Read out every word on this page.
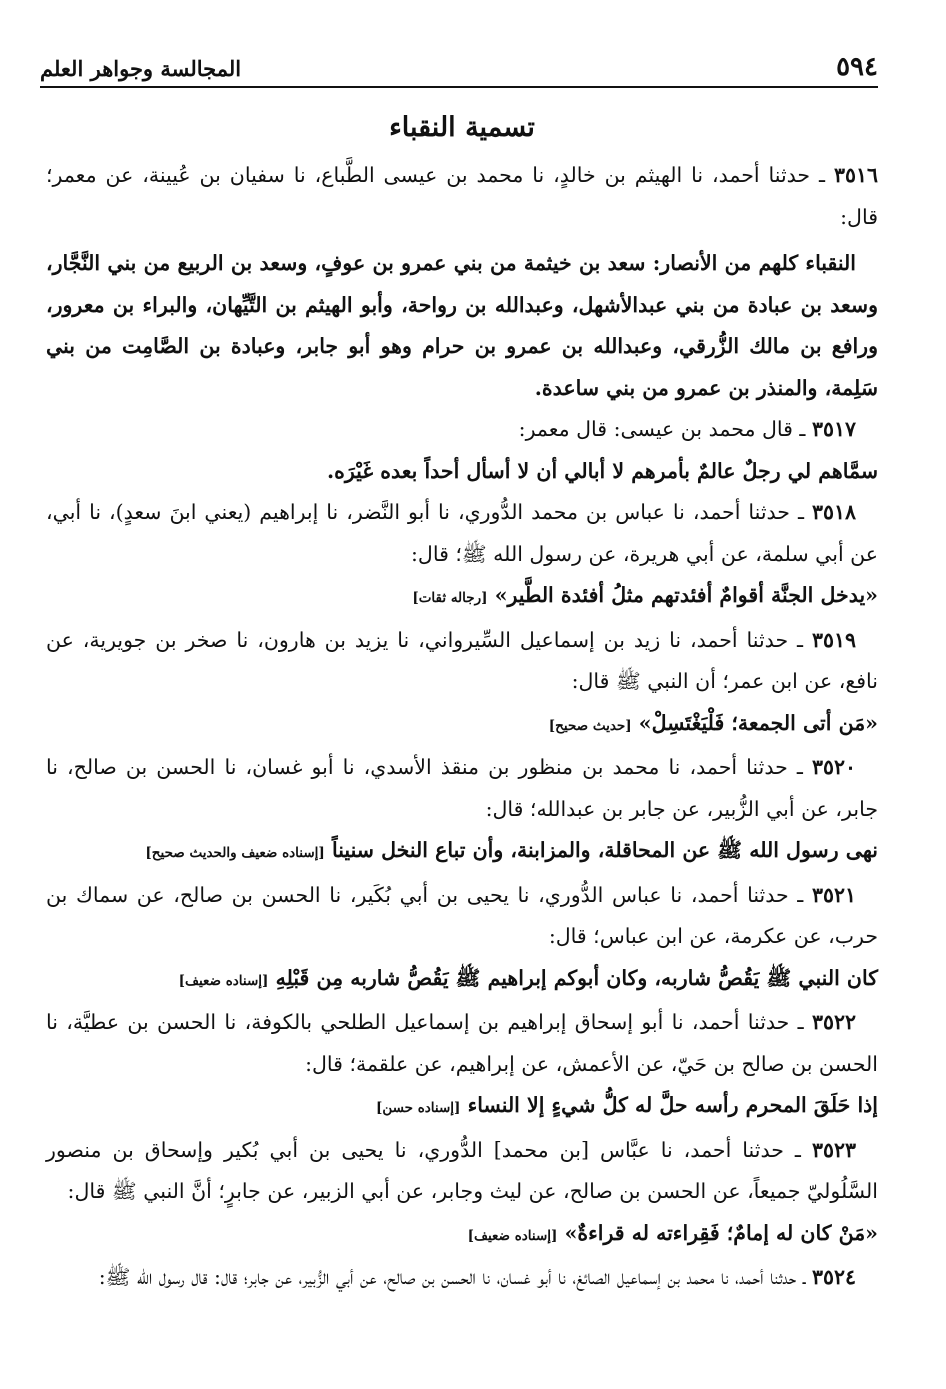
٥٩٤
المجالسة وجواهر العلم
تسمية النقباء

٣٥١٦ ـ حدثنا أحمد، نا الهيثم بن خالدٍ، نا محمد بن عيسى الطَّباع، نا سفيان بن عُيينة، عن معمر؛ قال:

النقباء كلهم من الأنصار: سعد بن خيثمة من بني عمرو بن عوفٍ، وسعد بن الربيع من بني النَّجَّار، وسعد بن عبادة من بني عبدالأشهل، وعبدالله بن رواحة، وأبو الهيثم بن التَّيِّهان، والبراء بن معرور، ورافع بن مالك الزُّرقي، وعبدالله بن عمرو بن حرام وهو أبو جابر، وعبادة بن الصَّامِت من بني سَلِمة، والمنذر بن عمرو من بني ساعدة.

٣٥١٧ ـ قال محمد بن عيسى: قال معمر:

سمَّاهم لي رجلٌ عالمٌ بأمرهم لا أبالي أن لا أسأل أحداً بعده غَيْرَه.

٣٥١٨ ـ حدثنا أحمد، نا عباس بن محمد الدُّوري، نا أبو النَّضر، نا إبراهيم (يعني ابنَ سعدٍ)، نا أبي، عن أبي سلمة، عن أبي هريرة، عن رسول الله ﷺ؛ قال:

«يدخل الجنَّة أقوامٌ أفئدتهم مثلُ أفئدة الطَّير» [رجاله ثقات]

٣٥١٩ ـ حدثنا أحمد، نا زيد بن إسماعيل السِّيرواني، نا يزيد بن هارون، نا صخر بن جويرية، عن نافع، عن ابن عمر؛ أن النبي ﷺ قال:

«مَن أتى الجمعة؛ فَلْيَغْتَسِلْ» [حديث صحيح]

٣٥٢٠ ـ حدثنا أحمد، نا محمد بن منظور بن منقذ الأسدي، نا أبو غسان، نا الحسن بن صالح، نا جابر، عن أبي الزُّبير، عن جابر بن عبدالله؛ قال:

نهى رسول الله ﷺ عن المحاقلة، والمزابنة، وأن تباع النخل سنيناً [إسناده ضعيف والحديث صحيح]

٣٥٢١ ـ حدثنا أحمد، نا عباس الدُّوري، نا يحيى بن أبي بُكَير، نا الحسن بن صالح، عن سماك بن حرب، عن عكرمة، عن ابن عباس؛ قال:

كان النبي ﷺ يَقُصُّ شاربه، وكان أبوكم إبراهيم ﷺ يَقُصُّ شاربه مِن قَبْلِهِ [إسناده ضعيف]

٣٥٢٢ ـ حدثنا أحمد، نا أبو إسحاق إبراهيم بن إسماعيل الطلحي بالكوفة، نا الحسن بن عطيَّة، نا الحسن بن صالح بن حَيّ، عن الأعمش، عن إبراهيم، عن علقمة؛ قال:

إذا حَلَقَ المحرم رأسه حلَّ له كلُّ شيءٍ إلا النساء [إسناده حسن]

٣٥٢٣ ـ حدثنا أحمد، نا عبَّاس [بن محمد] الدُّوري، نا يحيى بن أبي بُكير وإسحاق بن منصور السَّلُوليّ جميعاً، عن الحسن بن صالح، عن ليث وجابر، عن أبي الزبير، عن جابرٍ؛ أنَّ النبي ﷺ قال:

«مَنْ كان له إمامٌ؛ فَقِراءته له قراءةٌ» [إسناده ضعيف]

٣٥٢٤ ـ حدثنا أحمد، نا محمد بن إسماعيل الصائغ، نا أبو غسان، نا الحسن بن صالح، عن أبي الزُّبير، عن جابر؛ قال: قال رسول الله ﷺ:
